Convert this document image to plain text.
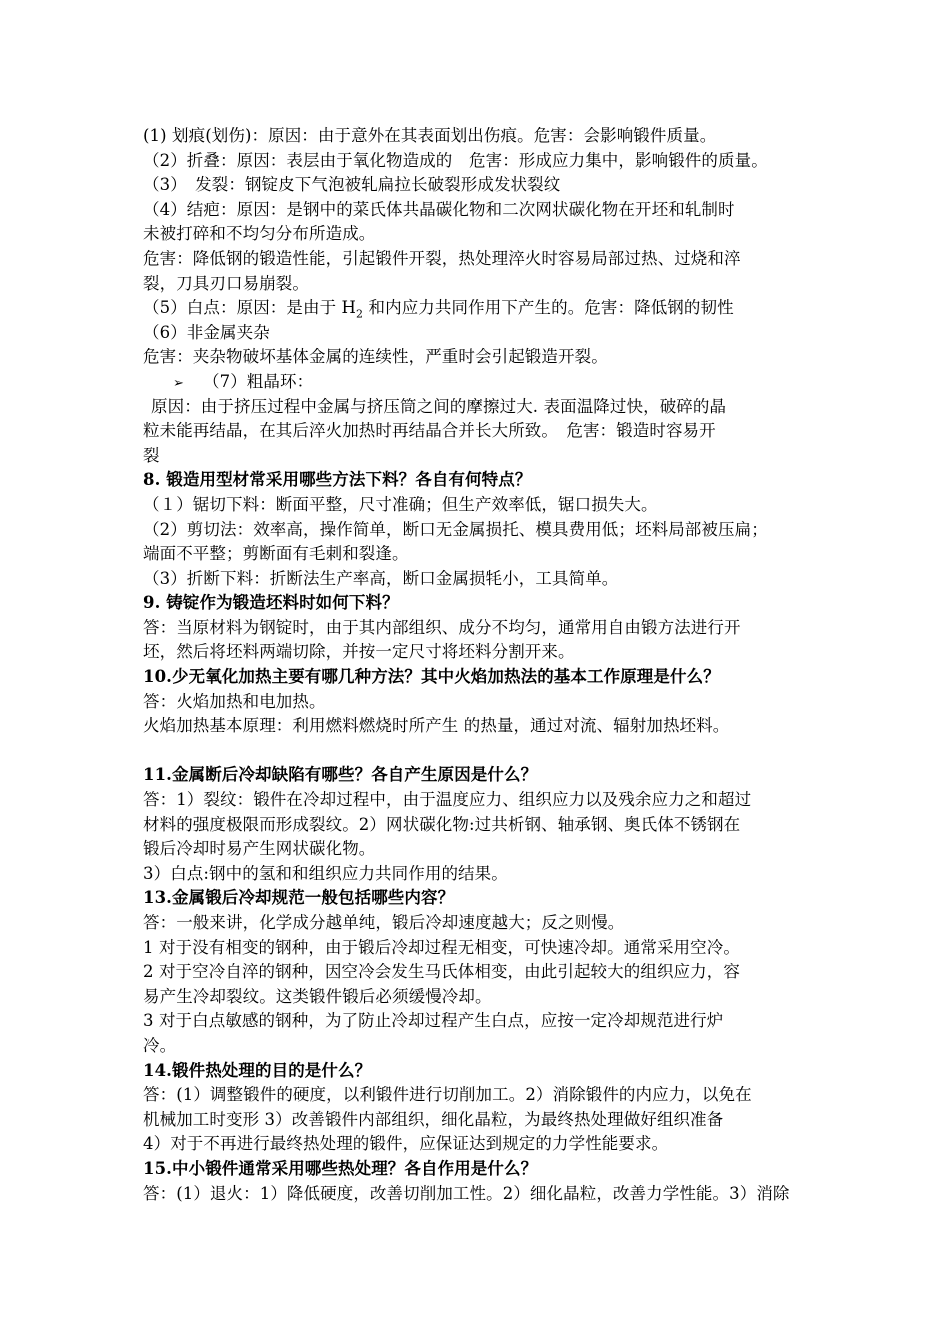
(1) 划痕(划伤)：原因：由于意外在其表面划出伤痕。危害：会影响锻件质量。
（2）折叠：原因：表层由于氧化物造成的　危害：形成应力集中，影响锻件的质量。
（3）　发裂：钢锭皮下气泡被轧扁拉长破裂形成发状裂纹
（4）结疤：原因：是钢中的菜氏体共晶碳化物和二次网状碳化物在开坯和轧制时
未被打碎和不均匀分布所造成。
危害：降低钢的锻造性能，引起锻件开裂，热处理淬火时容易局部过热、过烧和淬
裂，刀具刃口易崩裂。
（5）白点：原因：是由于 $H_2$ 和内应力共同作用下产生的。危害：降低钢的韧性
（6）非金属夹杂
危害：夹杂物破坏基体金属的连续性，严重时会引起锻造开裂。
➢ （7）粗晶环：
原因：由于挤压过程中金属与挤压筒之间的摩擦过大. 表面温降过快，破碎的晶
粒未能再结晶，在其后淬火加热时再结晶合并长大所致。　危害：锻造时容易开
裂
8. 锻造用型材常采用哪些方法下料？各自有何特点？
（１）锯切下料：断面平整，尺寸准确；但生产效率低，锯口损失大。
（2）剪切法：效率高，操作简单，断口无金属损托、模具费用低；坯料局部被压扁；
端面不平整；剪断面有毛刺和裂逢。
（3）折断下料：折断法生产率高，断口金属损牦小，工具简单。
9. 铸锭作为锻造坯料时如何下料？
答：当原材料为钢锭时，由于其内部组织、成分不均匀，通常用自由锻方法进行开
坯，然后将坯料两端切除，并按一定尺寸将坯料分割开来。
10.少无氧化加热主要有哪几种方法？其中火焰加热法的基本工作原理是什么？
答：火焰加热和电加热。
火焰加热基本原理：利用燃料燃烧时所产生 的热量，通过对流、辐射加热坯料。
11.金属断后冷却缺陷有哪些？各自产生原因是什么？
答：1）裂纹：锻件在冷却过程中，由于温度应力、组织应力以及残余应力之和超过
材料的强度极限而形成裂纹。2）网状碳化物:过共析钢、轴承钢、奥氏体不锈钢在
锻后冷却时易产生网状碳化物。
3）白点:钢中的氢和和组织应力共同作用的结果。
13.金属锻后冷却规范一般包括哪些内容？
答：一般来讲，化学成分越单纯，锻后冷却速度越大；反之则慢。
1 对于没有相变的钢种，由于锻后冷却过程无相变，可快速冷却。通常采用空冷。
2 对于空冷自淬的钢种，因空冷会发生马氏体相变，由此引起较大的组织应力，容
易产生冷却裂纹。这类锻件锻后必须缓慢冷却。
3 对于白点敏感的钢种，为了防止冷却过程产生白点，应按一定冷却规范进行炉
冷。
14.锻件热处理的目的是什么？
答：(1）调整锻件的硬度，以利锻件进行切削加工。2）消除锻件的内应力，以免在
机械加工时变形 3）改善锻件内部组织，细化晶粒，为最终热处理做好组织准备
4）对于不再进行最终热处理的锻件，应保证达到规定的力学性能要求。
15.中小锻件通常采用哪些热处理？各自作用是什么？
答：(1）退火：1）降低硬度，改善切削加工性。2）细化晶粒，改善力学性能。3）消除
